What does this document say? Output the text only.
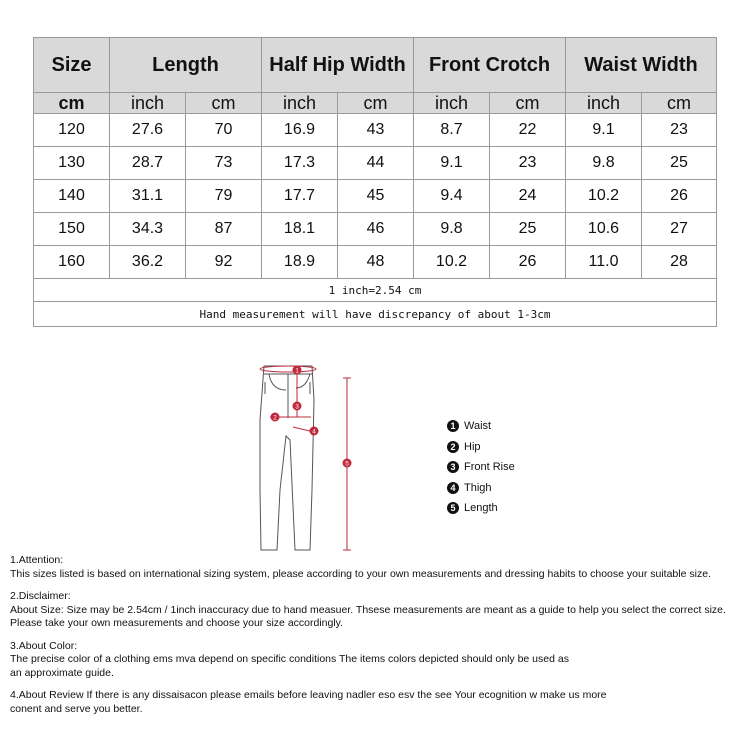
Size	Length		Half Hip Width		Front Crotch		Waist Width	
cm	inch	cm	inch	cm	inch	cm	inch	cm
120	27.6	70	16.9	43	8.7	22	9.1	23
130	28.7	73	17.3	44	9.1	23	9.8	25
140	31.1	79	17.7	45	9.4	24	10.2	26
150	34.3	87	18.1	46	9.8	25	10.6	27
160	36.2	92	18.9	48	10.2	26	11.0	28
1 inch=2.54 cm								
Hand measurement will have discrepancy of about 1-3cm								
1
2
3
4
5
1 Waist
2 Hip
3 Front Rise
4 Thigh
5 Length

1.Attention:

This sizes listed is based on international sizing system, please according to your own measurements and dressing habits to choose your suitable size.

2.Disclaimer:

About Size: Size may be 2.54cm / 1inch inaccuracy due to hand measuer. Thsese measurements are meant as a guide to help you select the correct size.

Please take your own measurements and choose your size accordingly.

3.About Color:

The precise color of a clothing ems mva depend on specific conditions The items colors depicted should only be used as

an approximate guide.

4.About Review If there is any dissaisacon please emails before leaving nadler eso esv the see Your ecognition w make us more

conent and serve you better.
